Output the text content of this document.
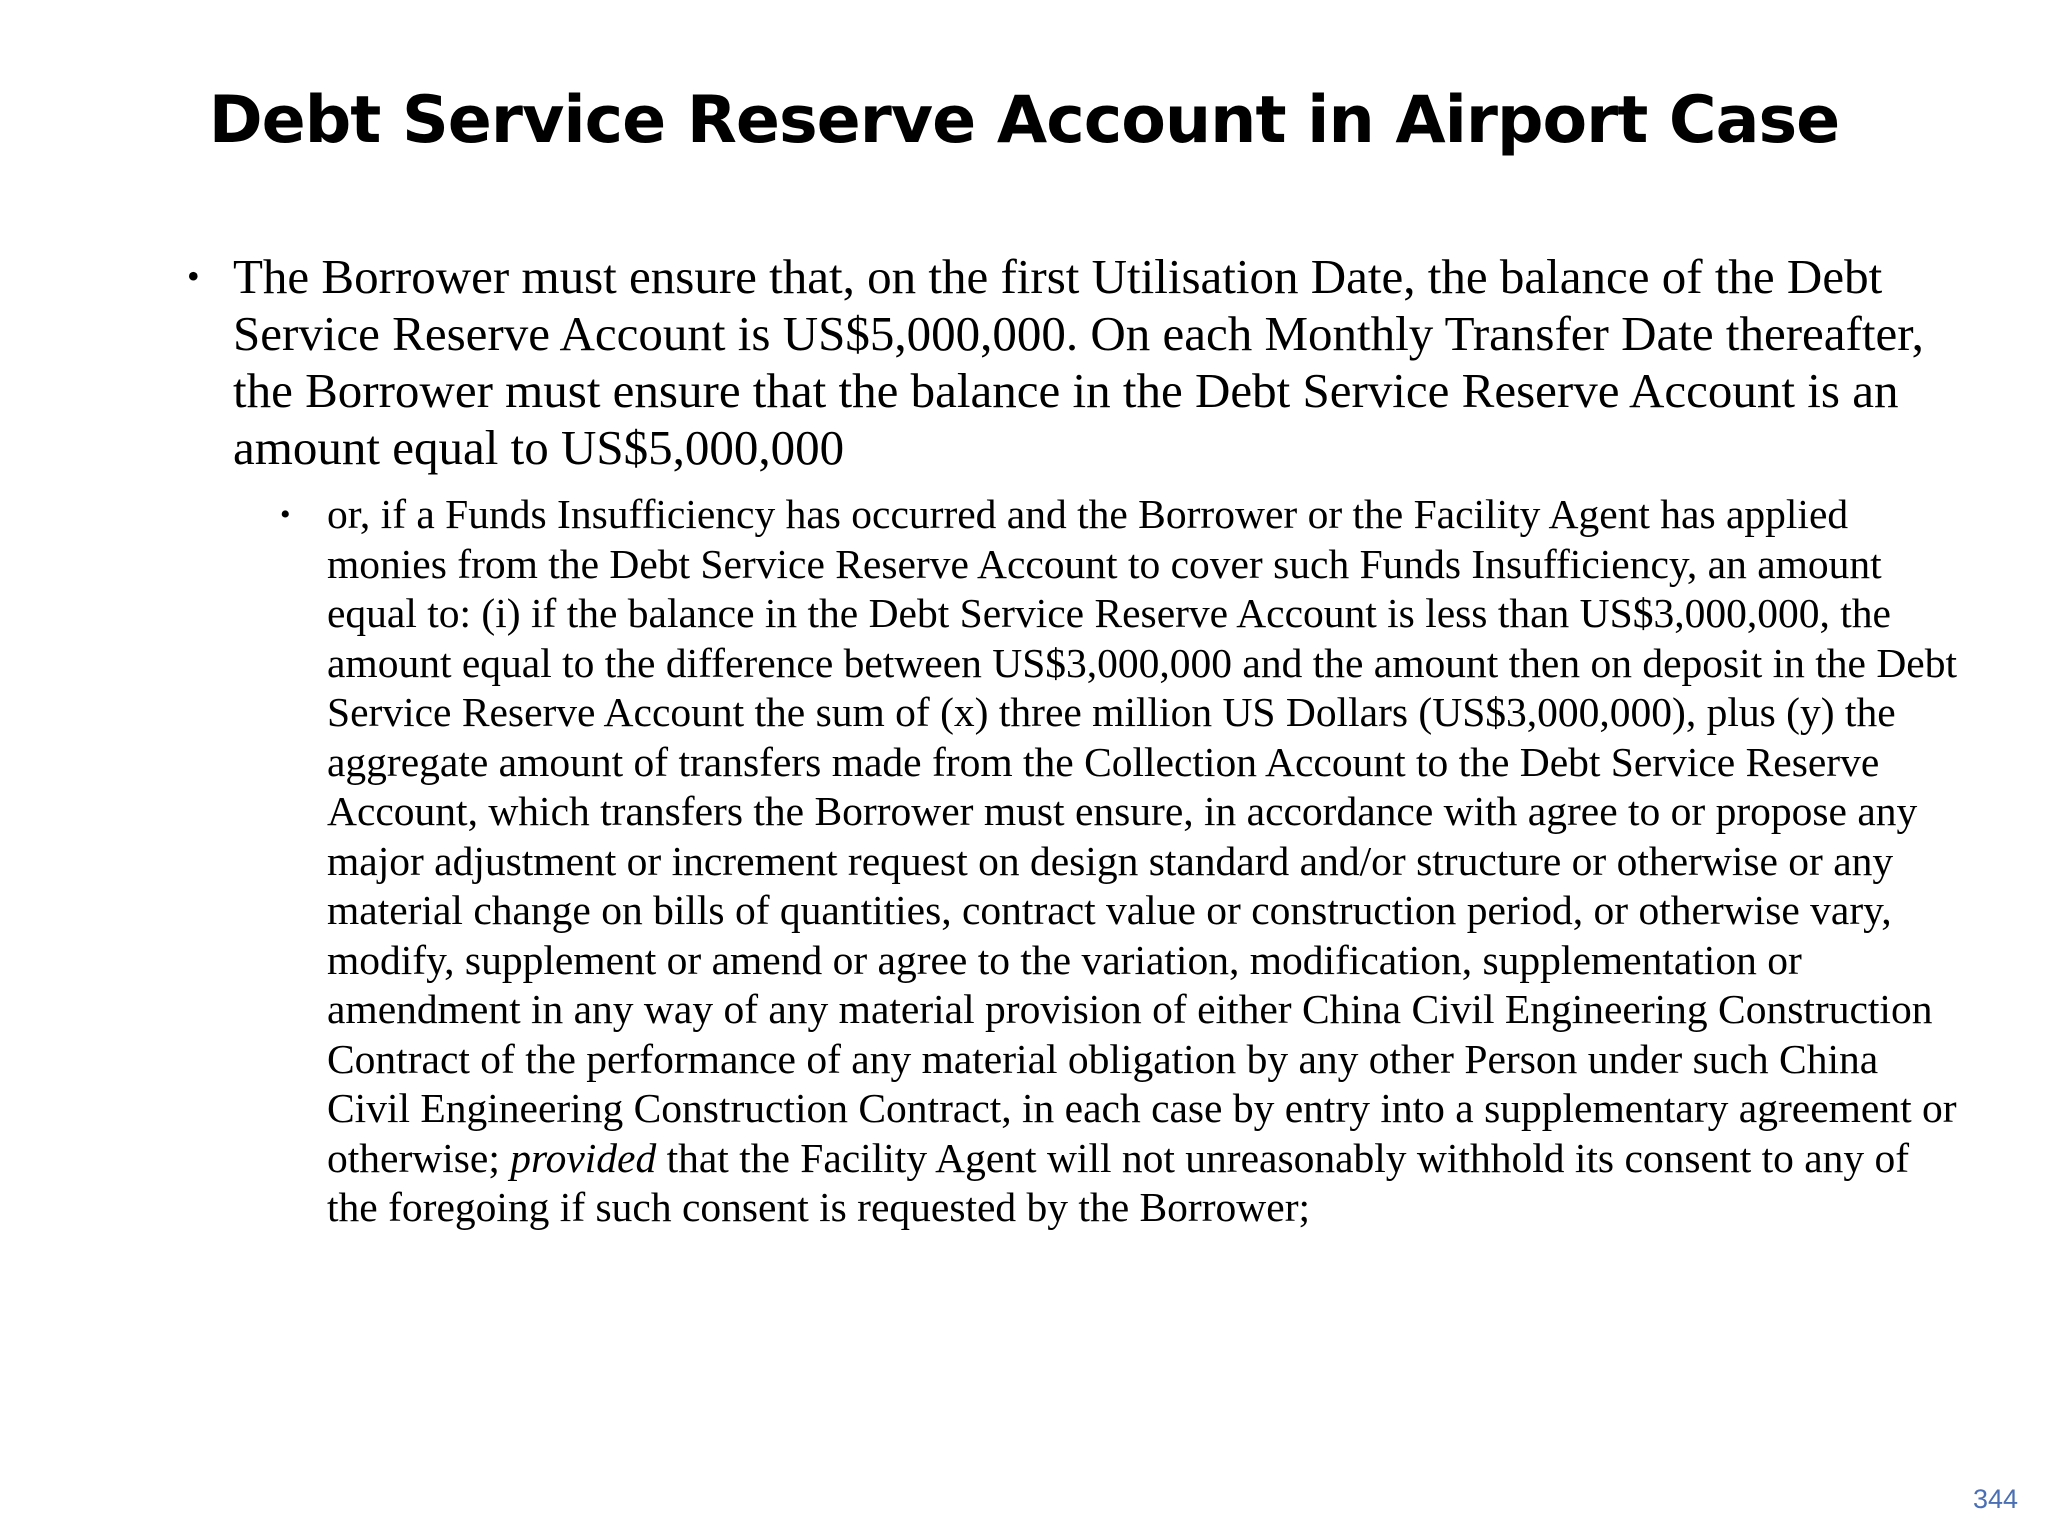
Debt Service Reserve Account in Airport Case
• The Borrower must ensure that, on the first Utilisation Date, the balance of the Debt Service Reserve Account is US$5,000,000. On each Monthly Transfer Date thereafter, the Borrower must ensure that the balance in the Debt Service Reserve Account is an amount equal to US$5,000,000
• or, if a Funds Insufficiency has occurred and the Borrower or the Facility Agent has applied monies from the Debt Service Reserve Account to cover such Funds Insufficiency, an amount equal to: (i) if the balance in the Debt Service Reserve Account is less than US$3,000,000, the amount equal to the difference between US$3,000,000 and the amount then on deposit in the Debt Service Reserve Account the sum of (x) three million US Dollars (US$3,000,000), plus (y) the aggregate amount of transfers made from the Collection Account to the Debt Service Reserve Account, which transfers the Borrower must ensure, in accordance with agree to or propose any major adjustment or increment request on design standard and/or structure or otherwise or any material change on bills of quantities, contract value or construction period, or otherwise vary, modify, supplement or amend or agree to the variation, modification, supplementation or amendment in any way of any material provision of either China Civil Engineering Construction Contract of the performance of any material obligation by any other Person under such China Civil Engineering Construction Contract, in each case by entry into a supplementary agreement or otherwise; provided that the Facility Agent will not unreasonably withhold its consent to any of the foregoing if such consent is requested by the Borrower;
344
